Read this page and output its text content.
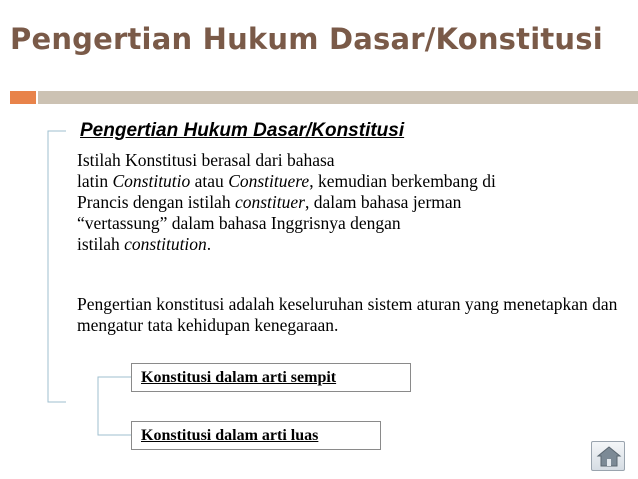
Pengertian Hukum Dasar/Konstitusi
Pengertian Hukum Dasar/Konstitusi
Istilah Konstitusi berasal dari bahasa
latin Constitutio atau Constituere, kemudian berkembang di
Prancis dengan istilah constituer, dalam bahasa jerman
“vertassung” dalam bahasa Inggrisnya dengan
istilah constitution.
Pengertian konstitusi adalah keseluruhan sistem aturan yang menetapkan dan mengatur tata kehidupan kenegaraan.
Konstitusi dalam arti sempit
Konstitusi dalam arti luas
